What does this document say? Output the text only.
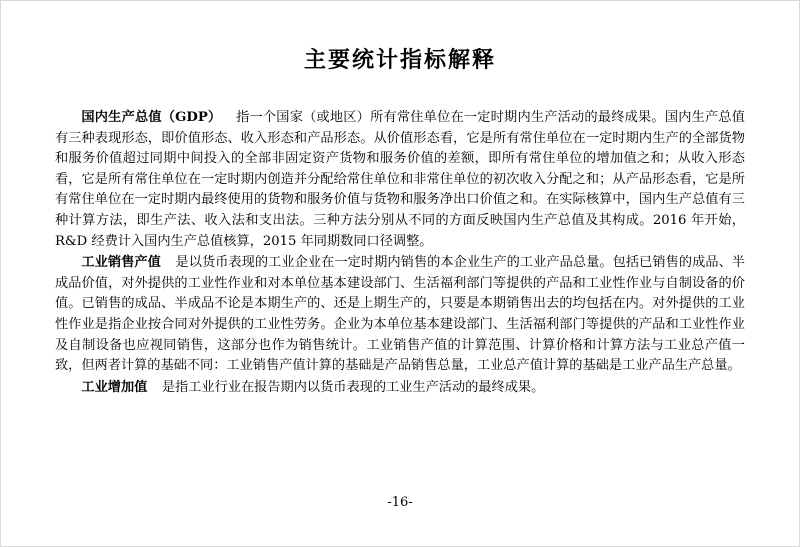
主要统计指标解释

国内生产总值（GDP） 指一个国家（或地区）所有常住单位在一定时期内生产活动的最终成果。国内生产总值有三种表现形态，即价值形态、收入形态和产品形态。从价值形态看，它是所有常住单位在一定时期内生产的全部货物和服务价值超过同期中间投入的全部非固定资产货物和服务价值的差额，即所有常住单位的增加值之和；从收入形态看，它是所有常住单位在一定时期内创造并分配给常住单位和非常住单位的初次收入分配之和；从产品形态看，它是所有常住单位在一定时期内最终使用的货物和服务价值与货物和服务净出口价值之和。在实际核算中，国内生产总值有三种计算方法，即生产法、收入法和支出法。三种方法分别从不同的方面反映国内生产总值及其构成。2016 年开始，R&D 经费计入国内生产总值核算，2015 年同期数同口径调整。

工业销售产值 是以货币表现的工业企业在一定时期内销售的本企业生产的工业产品总量。包括已销售的成品、半成品价值，对外提供的工业性作业和对本单位基本建设部门、生活福利部门等提供的产品和工业性作业与自制设备的价值。已销售的成品、半成品不论是本期生产的、还是上期生产的，只要是本期销售出去的均包括在内。对外提供的工业性作业是指企业按合同对外提供的工业性劳务。企业为本单位基本建设部门、生活福利部门等提供的产品和工业性作业及自制设备也应视同销售，这部分也作为销售统计。工业销售产值的计算范围、计算价格和计算方法与工业总产值一致，但两者计算的基础不同：工业销售产值计算的基础是产品销售总量，工业总产值计算的基础是工业产品生产总量。

工业增加值 是指工业行业在报告期内以货币表现的工业生产活动的最终成果。

-16-
